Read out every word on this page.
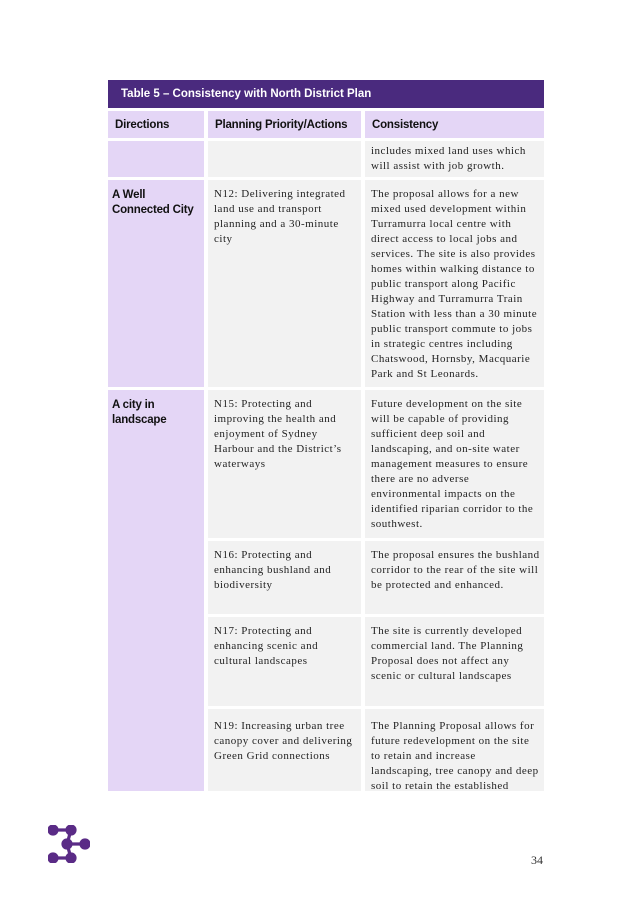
Table 5 – Consistency with North District Plan
Directions	Planning Priority/Actions	Consistency
includes mixed land uses which will assist with job growth.
A Well Connected City
N12: Delivering integrated land use and transport planning and a 30-minute city
The proposal allows for a new mixed used development within Turramurra local centre with direct access to local jobs and services. The site is also provides homes within walking distance to public transport along Pacific Highway and Turramurra Train Station with less than a 30 minute public transport commute to jobs in strategic centres including Chatswood, Hornsby, Macquarie Park and St Leonards.
A city in landscape
N15: Protecting and improving the health and enjoyment of Sydney Harbour and the District’s waterways
Future development on the site will be capable of providing sufficient deep soil and landscaping, and on-site water management measures to ensure there are no adverse environmental impacts on the identified riparian corridor to the southwest.
N16: Protecting and enhancing bushland and biodiversity
The proposal ensures the bushland corridor to the rear of the site will be protected and enhanced.
N17: Protecting and enhancing scenic and cultural landscapes
The site is currently developed commercial land. The Planning Proposal does not affect any scenic or cultural landscapes
N19: Increasing urban tree canopy cover and delivering Green Grid connections
The Planning Proposal allows for future redevelopment on the site to retain and increase landscaping, tree canopy and deep soil to retain the established
34
